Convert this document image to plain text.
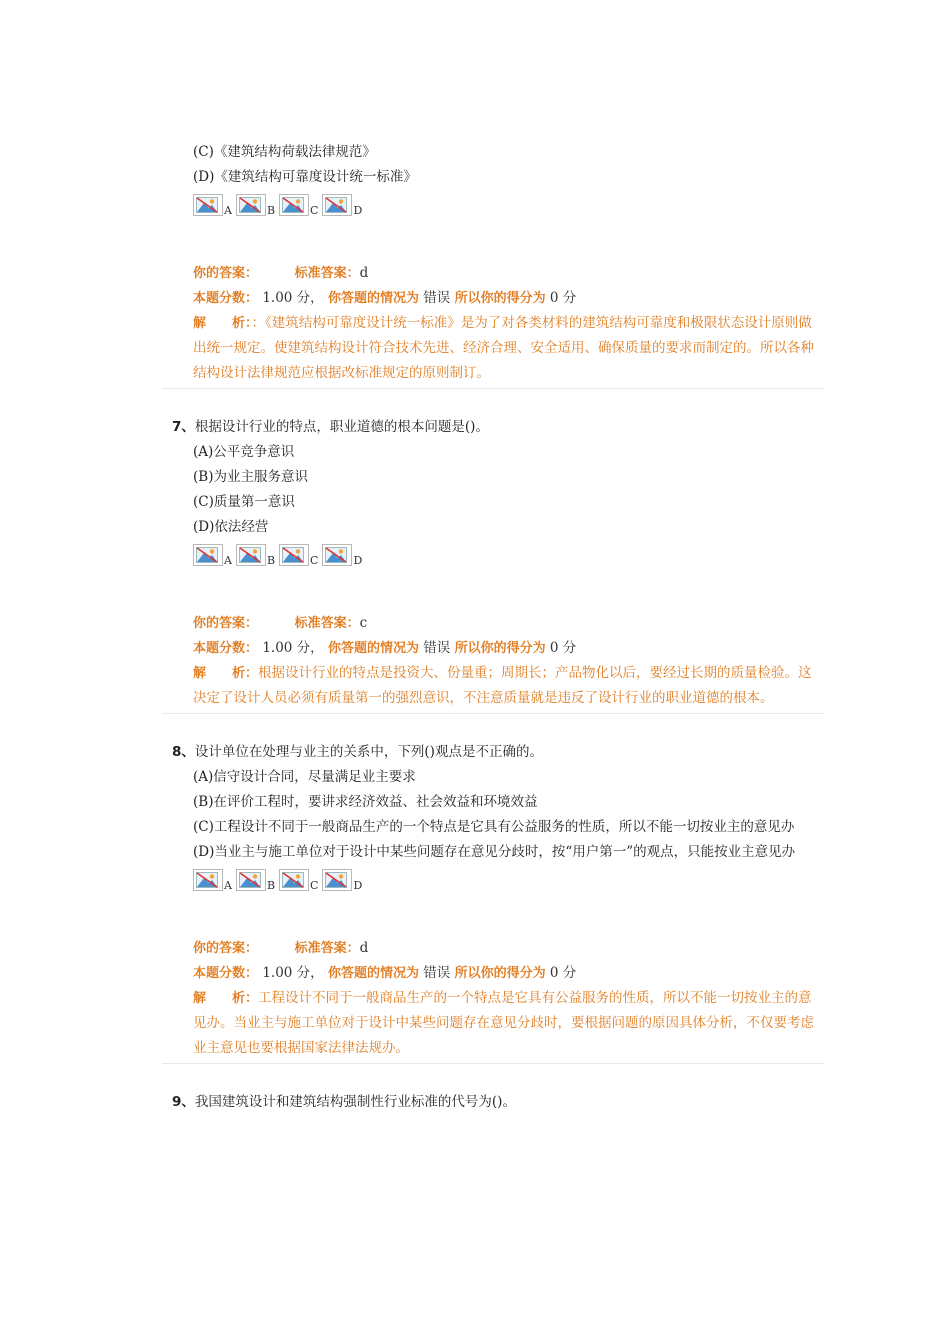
(C)《建筑结构荷载法律规范》
(D)《建筑结构可靠度设计统一标准》
A	B	C	D
你的答案：	标准答案：d
本题分数： 1.00 分， 你答题的情况为 错误 所以你的得分为 0 分
解　　析：：《建筑结构可靠度设计统一标准》是为了对各类材料的建筑结构可靠度和极限状态设计原则做出统一规定。使建筑结构设计符合技术先进、经济合理、安全适用、确保质量的要求而制定的。所以各种结构设计法律规范应根据改标准规定的原则制订。
7、根据设计行业的特点，职业道德的根本问题是()。
(A)公平竞争意识
(B)为业主服务意识
(C)质量第一意识
(D)依法经营
A	B	C	D
你的答案：	标准答案：c
本题分数： 1.00 分， 你答题的情况为 错误 所以你的得分为 0 分
解　　析：根据设计行业的特点是投资大、份量重；周期长；产品物化以后，要经过长期的质量检验。这决定了设计人员必须有质量第一的强烈意识，不注意质量就是违反了设计行业的职业道德的根本。
8、设计单位在处理与业主的关系中，下列()观点是不正确的。
(A)信守设计合同，尽量满足业主要求
(B)在评价工程时，要讲求经济效益、社会效益和环境效益
(C)工程设计不同于一般商品生产的一个特点是它具有公益服务的性质，所以不能一切按业主的意见办
(D)当业主与施工单位对于设计中某些问题存在意见分歧时，按“用户第一”的观点，只能按业主意见办
A	B	C	D
你的答案：	标准答案：d
本题分数： 1.00 分， 你答题的情况为 错误 所以你的得分为 0 分
解　　析：工程设计不同于一般商品生产的一个特点是它具有公益服务的性质，所以不能一切按业主的意见办。当业主与施工单位对于设计中某些问题存在意见分歧时，要根据问题的原因具体分析，不仅要考虑业主意见也要根据国家法律法规办。
9、我国建筑设计和建筑结构强制性行业标准的代号为()。
